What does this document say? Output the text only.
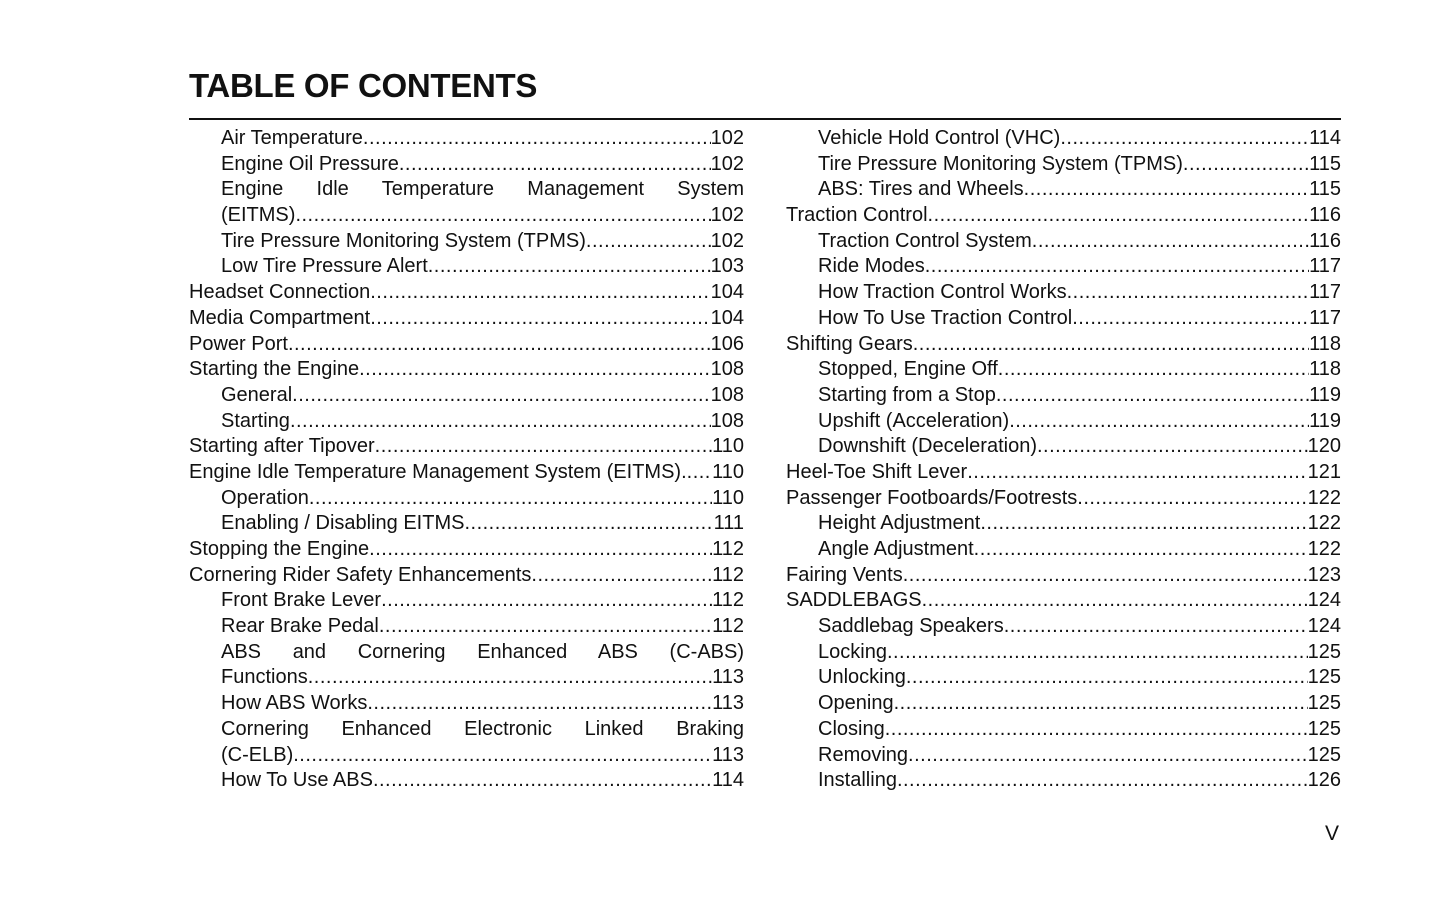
TABLE OF CONTENTS
Air Temperature .....	102
Engine Oil Pressure .....	102
Engine Idle Temperature Management System
(EITMS) .....	102
Tire Pressure Monitoring System (TPMS) .....	102
Low Tire Pressure Alert .....	103
Headset Connection .....	104
Media Compartment .....	104
Power Port .....	106
Starting the Engine .....	108
General .....	108
Starting .....	108
Starting after Tipover .....	110
Engine Idle Temperature Management System (EITMS). ..... 110
Operation .....	110
Enabling / Disabling EITMS .....	111
Stopping the Engine .....	112
Cornering Rider Safety Enhancements .....	112
Front Brake Lever .....	112
Rear Brake Pedal .....	112
ABS and Cornering Enhanced ABS (C-ABS)
Functions .....	113
How ABS Works .....	113
Cornering Enhanced Electronic Linked Braking
(C-ELB) .....	113
How To Use ABS .....	114
Vehicle Hold Control (VHC) .....	114
Tire Pressure Monitoring System (TPMS) .....	115
ABS: Tires and Wheels .....	115
Traction Control .....	116
Traction Control System .....	116
Ride Modes .....	117
How Traction Control Works .....	117
How To Use Traction Control .....	117
Shifting Gears .....	118
Stopped, Engine Off .....	118
Starting from a Stop .....	119
Upshift (Acceleration) .....	119
Downshift (Deceleration) .....	120
Heel-Toe Shift Lever .....	121
Passenger Footboards/Footrests .....	122
Height Adjustment .....	122
Angle Adjustment .....	122
Fairing Vents .....	123
SADDLEBAGS .....	124
Saddlebag Speakers .....	124
Locking .....	125
Unlocking .....	125
Opening .....	125
Closing .....	125
Removing .....	125
Installing .....	126
V
